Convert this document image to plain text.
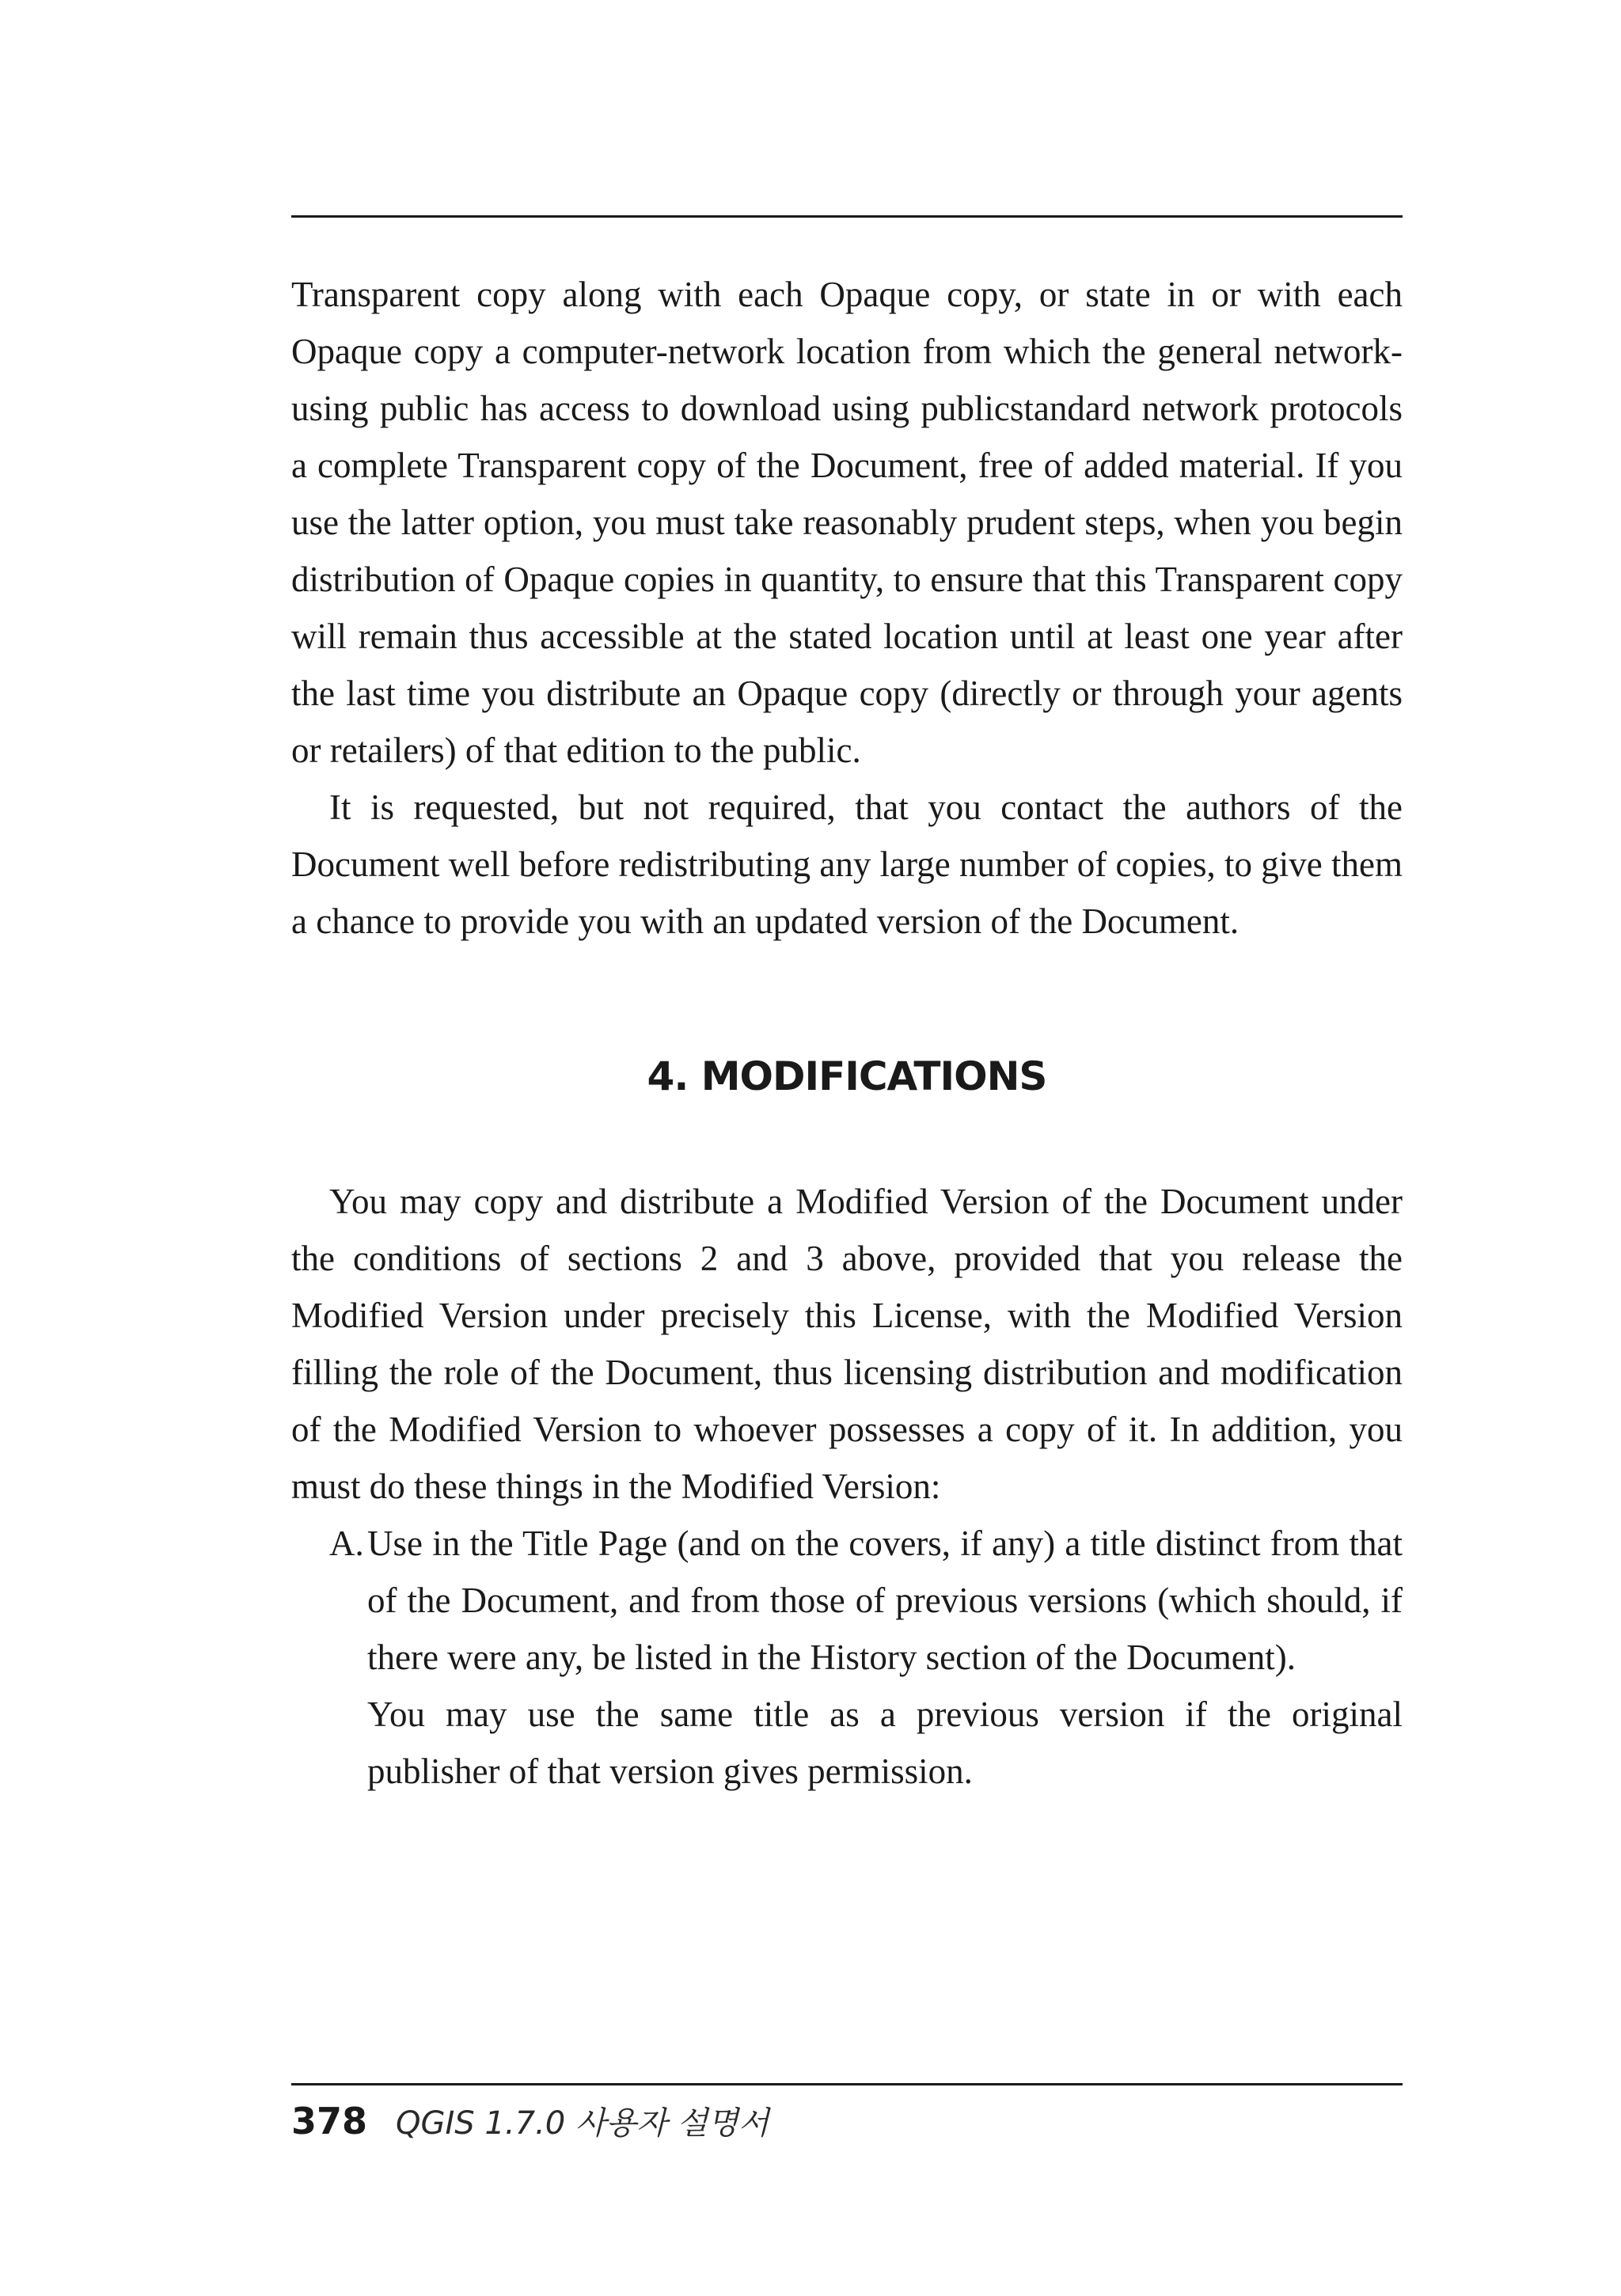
Transparent copy along with each Opaque copy, or state in or with each Opaque copy a computer-network location from which the general network-using public has access to download using publicstandard network protocols a complete Transparent copy of the Document, free of added material. If you use the latter option, you must take reasonably prudent steps, when you begin distribution of Opaque copies in quantity, to ensure that this Transparent copy will remain thus accessible at the stated location until at least one year after the last time you distribute an Opaque copy (directly or through your agents or retailers) of that edition to the public.

It is requested, but not required, that you contact the authors of the Document well before redistributing any large number of copies, to give them a chance to provide you with an updated version of the Document.

4. MODIFICATIONS

You may copy and distribute a Modified Version of the Document under the conditions of sections 2 and 3 above, provided that you release the Modified Version under precisely this License, with the Modified Version filling the role of the Document, thus licensing distribution and modification of the Modified Version to whoever possesses a copy of it. In addition, you must do these things in the Modified Version:

A. Use in the Title Page (and on the covers, if any) a title distinct from that of the Document, and from those of previous versions (which should, if there were any, be listed in the History section of the Document).

You may use the same title as a previous version if the original publisher of that version gives permission.

378 QGIS 1.7.0 사용자 설명서
